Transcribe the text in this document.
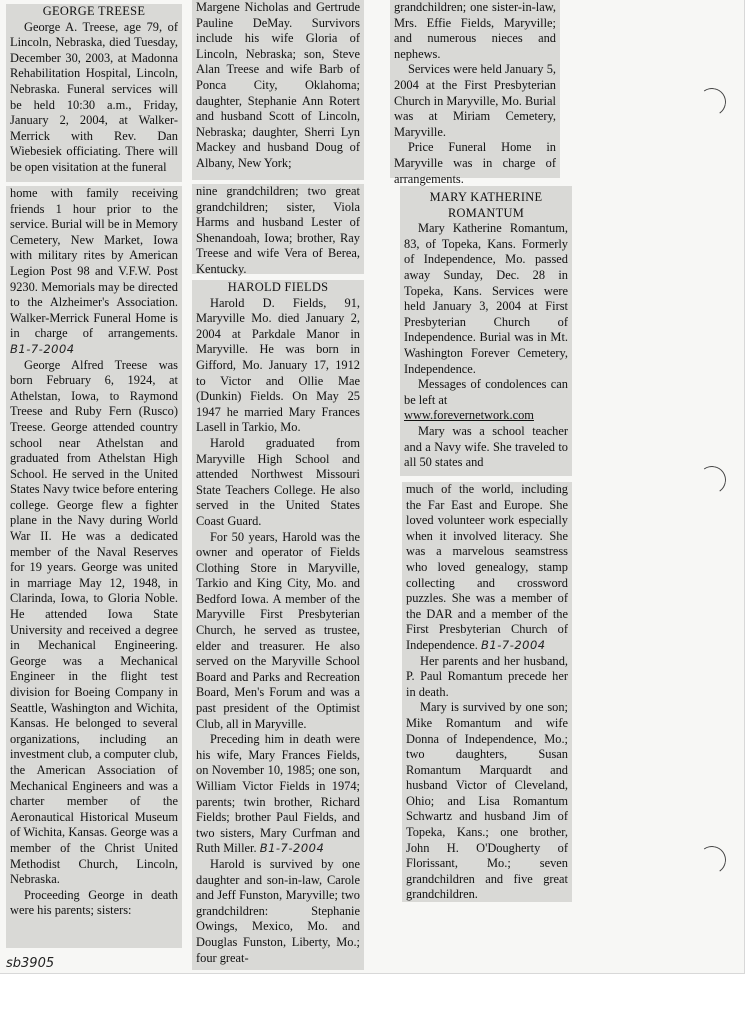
GEORGE TREESE

George A. Treese, age 79, of Lincoln, Nebraska, died Tuesday, December 30, 2003, at Madonna Rehabilitation Hospital, Lincoln, Nebraska. Funeral services will be held 10:30 a.m., Friday, January 2, 2004, at Walker-Merrick with Rev. Dan Wiebesiek officiating. There will be open visitation at the funeral

home with family receiving friends 1 hour prior to the service. Burial will be in Memory Cemetery, New Market, Iowa with military rites by American Legion Post 98 and V.F.W. Post 9230. Memorials may be directed to the Alzheimer's Association. Walker-Merrick Funeral Home is in charge of arrangements. B1-7-2004

George Alfred Treese was born February 6, 1924, at Athelstan, Iowa, to Raymond Treese and Ruby Fern (Rusco) Treese. George attended country school near Athelstan and graduated from Athelstan High School. He served in the United States Navy twice before entering college. George flew a fighter plane in the Navy during World War II. He was a dedicated member of the Naval Reserves for 19 years. George was united in marriage May 12, 1948, in Clarinda, Iowa, to Gloria Noble. He attended Iowa State University and received a degree in Mechanical Engineering. George was a Mechanical Engineer in the flight test division for Boeing Company in Seattle, Washington and Wichita, Kansas. He belonged to several organizations, including an investment club, a computer club, the American Association of Mechanical Engineers and was a charter member of the Aeronautical Historical Museum of Wichita, Kansas. George was a member of the Christ United Methodist Church, Lincoln, Nebraska.

Proceeding George in death were his parents; sisters:

Margene Nicholas and Gertrude Pauline DeMay. Survivors include his wife Gloria of Lincoln, Nebraska; son, Steve Alan Treese and wife Barb of Ponca City, Oklahoma; daughter, Stephanie Ann Rotert and husband Scott of Lincoln, Nebraska; daughter, Sherri Lyn Mackey and husband Doug of Albany, New York;

nine grandchildren; two great grandchildren; sister, Viola Harms and husband Lester of Shenandoah, Iowa; brother, Ray Treese and wife Vera of Berea, Kentucky.

HAROLD FIELDS

Harold D. Fields, 91, Maryville Mo. died January 2, 2004 at Parkdale Manor in Maryville. He was born in Gifford, Mo. January 17, 1912 to Victor and Ollie Mae (Dunkin) Fields. On May 25 1947 he married Mary Frances Lasell in Tarkio, Mo.

Harold graduated from Maryville High School and attended Northwest Missouri State Teachers College. He also served in the United States Coast Guard.

For 50 years, Harold was the owner and operator of Fields Clothing Store in Maryville, Tarkio and King City, Mo. and Bedford Iowa. A member of the Maryville First Presbyterian Church, he served as trustee, elder and treasurer. He also served on the Maryville School Board and Parks and Recreation Board, Men's Forum and was a past president of the Optimist Club, all in Maryville.

Preceding him in death were his wife, Mary Frances Fields, on November 10, 1985; one son, William Victor Fields in 1974; parents; twin brother, Richard Fields; brother Paul Fields, and two sisters, Mary Curfman and Ruth Miller. B1-7-2004

Harold is survived by one daughter and son-in-law, Carole and Jeff Funston, Maryville; two grandchildren: Stephanie Owings, Mexico, Mo. and Douglas Funston, Liberty, Mo.; four great-

grandchildren; one sister-in-law, Mrs. Effie Fields, Maryville; and numerous nieces and nephews.

Services were held January 5, 2004 at the First Presbyterian Church in Maryville, Mo. Burial was at Miriam Cemetery, Maryville.

Price Funeral Home in Maryville was in charge of arrangements.

MARY KATHERINE ROMANTUM

Mary Katherine Romantum, 83, of Topeka, Kans. Formerly of Independence, Mo. passed away Sunday, Dec. 28 in Topeka, Kans. Services were held January 3, 2004 at First Presbyterian Church of Independence. Burial was in Mt. Washington Forever Cemetery, Independence.

Messages of condolences can be left at

www.forevernetwork.com

Mary was a school teacher and a Navy wife. She traveled to all 50 states and

much of the world, including the Far East and Europe. She loved volunteer work especially when it involved literacy. She was a marvelous seamstress who loved genealogy, stamp collecting and crossword puzzles. She was a member of the DAR and a member of the First Presbyterian Church of Independence. B1-7-2004

Her parents and her husband, P. Paul Romantum precede her in death.

Mary is survived by one son; Mike Romantum and wife Donna of Independence, Mo.; two daughters, Susan Romantum Marquardt and husband Victor of Cleveland, Ohio; and Lisa Romantum Schwartz and husband Jim of Topeka, Kans.; one brother, John H. O'Dougherty of Florissant, Mo.; seven grandchildren and five great grandchildren.

sb3905
